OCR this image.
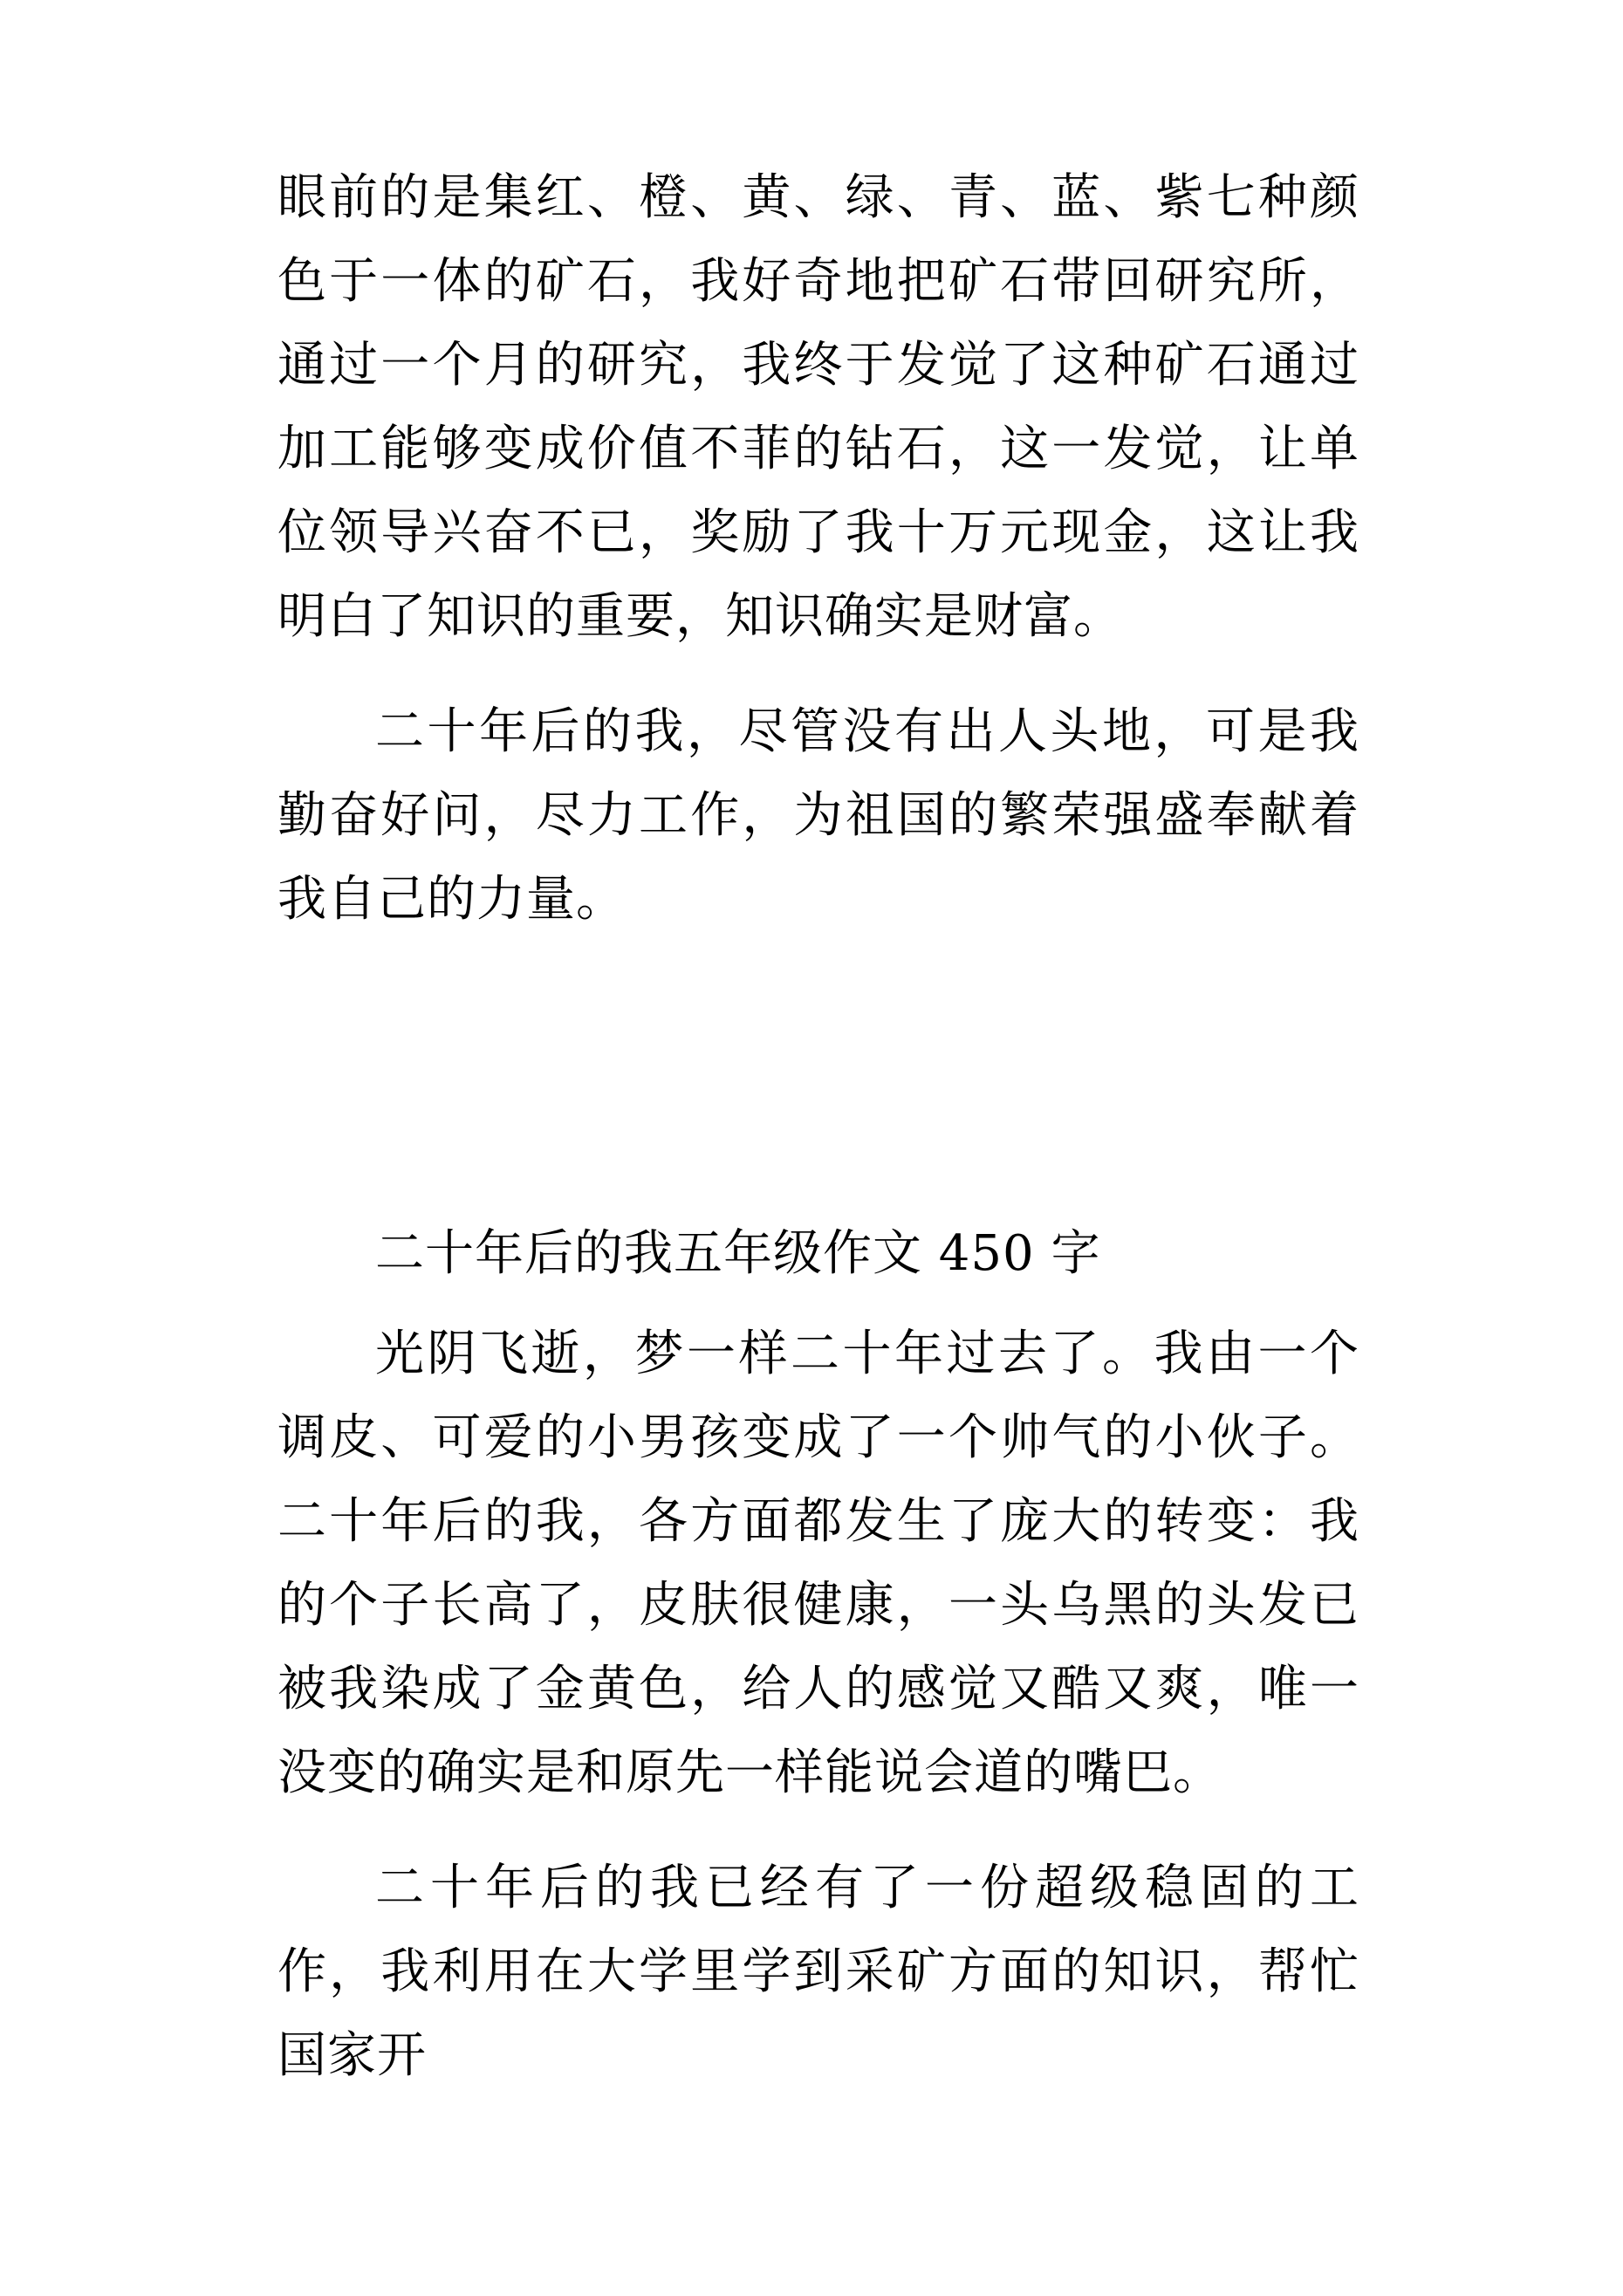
眼前的是集红、橙、黄、绿、青、蓝、紫七种颜色于一体的矿石，我好奇地把矿石带回研究所，通过一个月的研究，我终于发觉了这种矿石通过加工能够变成价值不菲的钻石，这一发觉，让单位领导兴奋不已，奖励了我十万元现金，这让我明白了知识的重要，知识确实是财富。

二十年后的我，尽管没有出人头地，可是我勤奋好问，尽力工作，为祖国的繁荣强盛奉献着我自己的力量。

二十年后的我五年级作文 450 字

光阴飞逝，梦一样二十年过去了。我由一个调皮、可爱的小男孩变成了一个帅气的小伙子。二十年后的我，各方面都发生了庞大的转变：我的个子长高了，皮肤很健康，一头乌黑的头发已被我染成了金黄色，给人的感觉又酷又爽，唯一没变的确实是和原先一样能说会道的嘴巴。

二十年后的我已经有了一份超级稳固的工作，我利用在大学里学到采矿方面的知识，帮忙国家开
